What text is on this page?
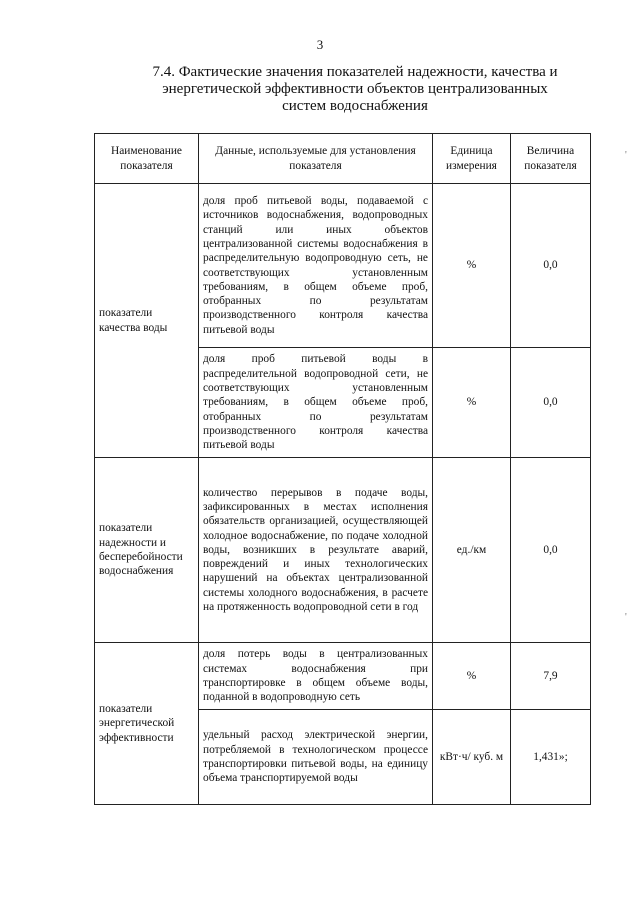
3
7.4. Фактические значения показателей надежности, качества и
энергетической эффективности объектов централизованных
систем водоснабжения
Наименование показателя	Данные, используемые для установления показателя	Единица измерения	Величина показателя
показатели качества воды	доля проб питьевой воды, подаваемой с источников водоснабжения, водопроводных станций или иных объектов централизованной системы водоснабжения в распределительную водопроводную сеть, не соответствующих установленным требованиям, в общем объеме проб, отобранных по результатам производственного контроля качества питьевой воды	%	0,0
	доля проб питьевой воды в распределительной водопроводной сети, не соответствующих установленным требованиям, в общем объеме проб, отобранных по результатам производственного контроля качества питьевой воды	%	0,0
показатели надежности и бесперебойности водоснабжения	количество перерывов в подаче воды, зафиксированных в местах исполнения обязательств организацией, осуществляющей холодное водоснабжение, по подаче холодной воды, возникших в результате аварий, повреждений и иных технологических нарушений на объектах централизованной системы холодного водоснабжения, в расчете на протяженность водопроводной сети в год	ед./км	0,0
показатели энергетической эффективности	доля потерь воды в централизованных системах водоснабжения при транспортировке в общем объеме воды, поданной в водопроводную сеть	%	7,9
	удельный расход электрической энергии, потребляемой в технологическом процессе транспортировки питьевой воды, на единицу объема транспортируемой воды	кВт·ч/ куб. м	1,431»;
'
'
